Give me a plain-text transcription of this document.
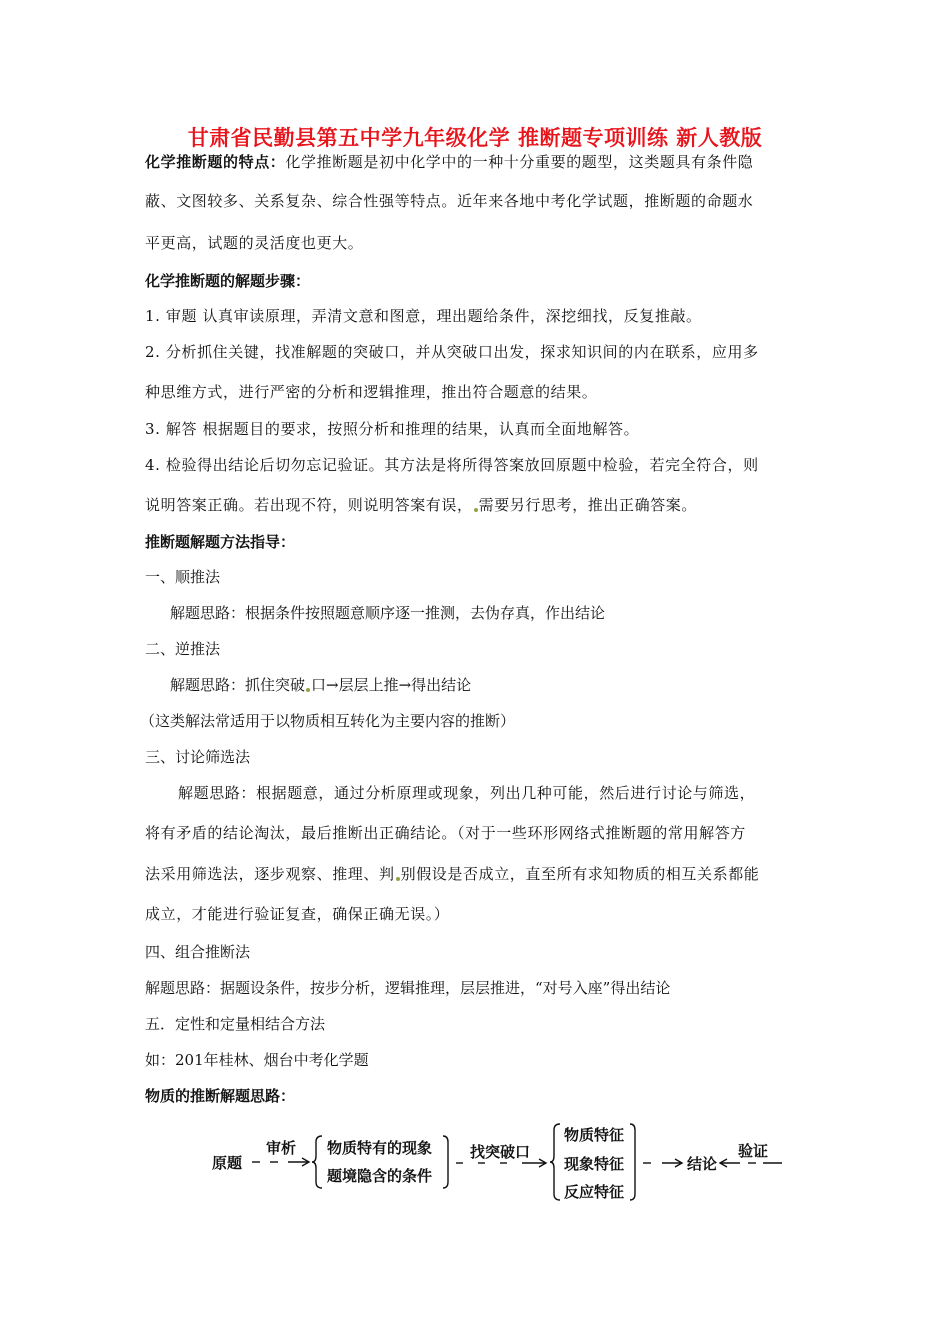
甘肃省民勤县第五中学九年级化学 推断题专项训练 新人教版
化学推断题的特点：化学推断题是初中化学中的一种十分重要的题型，这类题具有条件隐
蔽、文图较多、关系复杂、综合性强等特点。近年来各地中考化学试题，推断题的命题水
平更高，试题的灵活度也更大。
化学推断题的解题步骤：
1. 审题 认真审读原理，弄清文意和图意，理出题给条件，深挖细找，反复推敲。
2. 分析抓住关键，找准解题的突破口，并从突破口出发，探求知识间的内在联系，应用多
种思维方式，进行严密的分析和逻辑推理，推出符合题意的结果。
3. 解答 根据题目的要求，按照分析和推理的结果，认真而全面地解答。
4. 检验得出结论后切勿忘记验证。其方法是将所得答案放回原题中检验，若完全符合，则
说明答案正确。若出现不符，则说明答案有误， 需要另行思考，推出正确答案。
推断题解题方法指导：
一、顺推法
解题思路：根据条件按照题意顺序逐一推测，去伪存真，作出结论
二、逆推法
解题思路：抓住突破 口→层层上推→得出结论
（这类解法常适用于以物质相互转化为主要内容的推断）
三、讨论筛选法
解题思路：根据题意，通过分析原理或现象，列出几种可能，然后进行讨论与筛选，
将有矛盾的结论淘汰，最后推断出正确结论。（对于一些环形网络式推断题的常用解答方
法采用筛选法，逐步观察、推理、判 别假设是否成立，直至所有求知物质的相互关系都能
成立，才能进行验证复查，确保正确无误。）
四、组合推断法
解题思路：据题设条件，按步分析，逻辑推理，层层推进，“对号入座”得出结论
五．定性和定量相结合方法
如：201年桂林、烟台中考化学题
物质的推断解题思路：
原题
审析 物质特有的现象
题境隐含的条件
找突破口
物质特征
现象特征
反应特征
结论
验证
